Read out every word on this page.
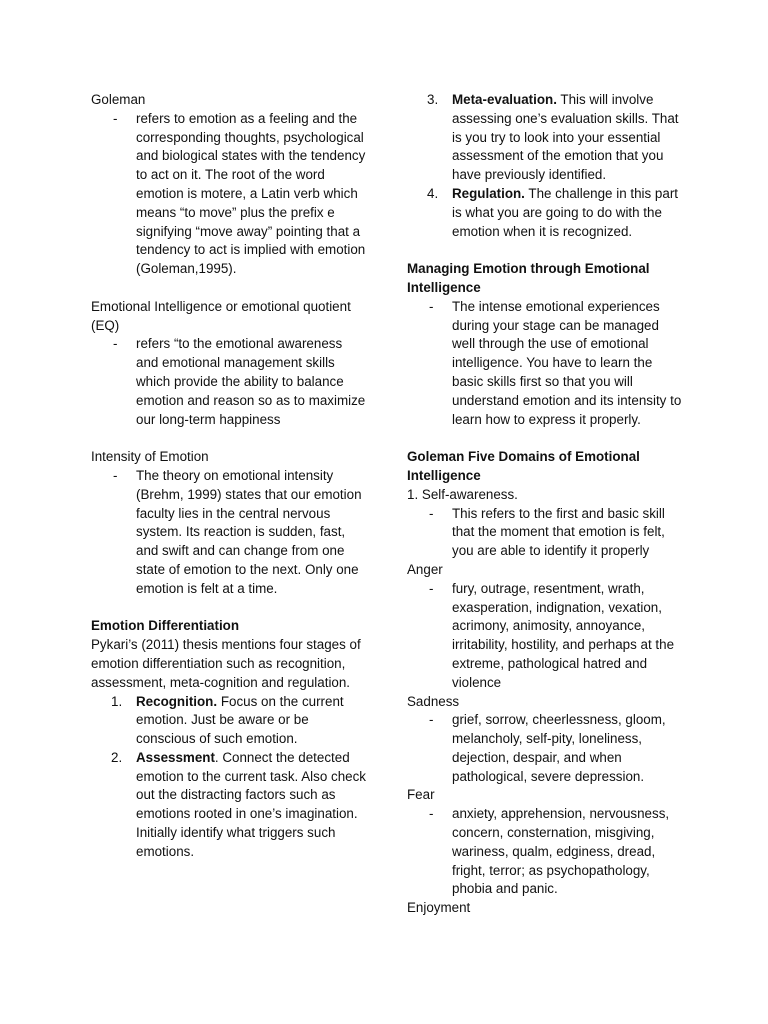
Goleman

- refers to emotion as a feeling and the corresponding thoughts, psychological and biological states with the tendency to act on it. The root of the word emotion is motere, a Latin verb which means “to move” plus the prefix e signifying “move away” pointing that a tendency to act is implied with emotion (Goleman,1995).

Emotional Intelligence or emotional quotient (EQ)

- refers “to the emotional awareness and emotional management skills which provide the ability to balance emotion and reason so as to maximize our long-term happiness

Intensity of Emotion

- The theory on emotional intensity (Brehm, 1999) states that our emotion faculty lies in the central nervous system. Its reaction is sudden, fast, and swift and can change from one state of emotion to the next. Only one emotion is felt at a time.

Emotion Differentiation

Pykari’s (2011) thesis mentions four stages of emotion differentiation such as recognition, assessment, meta-cognition and regulation.

1. Recognition. Focus on the current emotion. Just be aware or be conscious of such emotion.
2. Assessment. Connect the detected emotion to the current task. Also check out the distracting factors such as emotions rooted in one’s imagination. Initially identify what triggers such emotions.
3. Meta-evaluation. This will involve assessing one’s evaluation skills. That is you try to look into your essential assessment of the emotion that you have previously identified.
4. Regulation. The challenge in this part is what you are going to do with the emotion when it is recognized.

Managing Emotion through Emotional Intelligence

- The intense emotional experiences during your stage can be managed well through the use of emotional intelligence. You have to learn the basic skills first so that you will understand emotion and its intensity to learn how to express it properly.

Goleman Five Domains of Emotional Intelligence

1. Self-awareness.

- This refers to the first and basic skill that the moment that emotion is felt, you are able to identify it properly

Anger

- fury, outrage, resentment, wrath, exasperation, indignation, vexation, acrimony, animosity, annoyance, irritability, hostility, and perhaps at the extreme, pathological hatred and violence

Sadness

- grief, sorrow, cheerlessness, gloom, melancholy, self-pity, loneliness, dejection, despair, and when pathological, severe depression.

Fear

- anxiety, apprehension, nervousness, concern, consternation, misgiving, wariness, qualm, edginess, dread, fright, terror; as psychopathology, phobia and panic.

Enjoyment
